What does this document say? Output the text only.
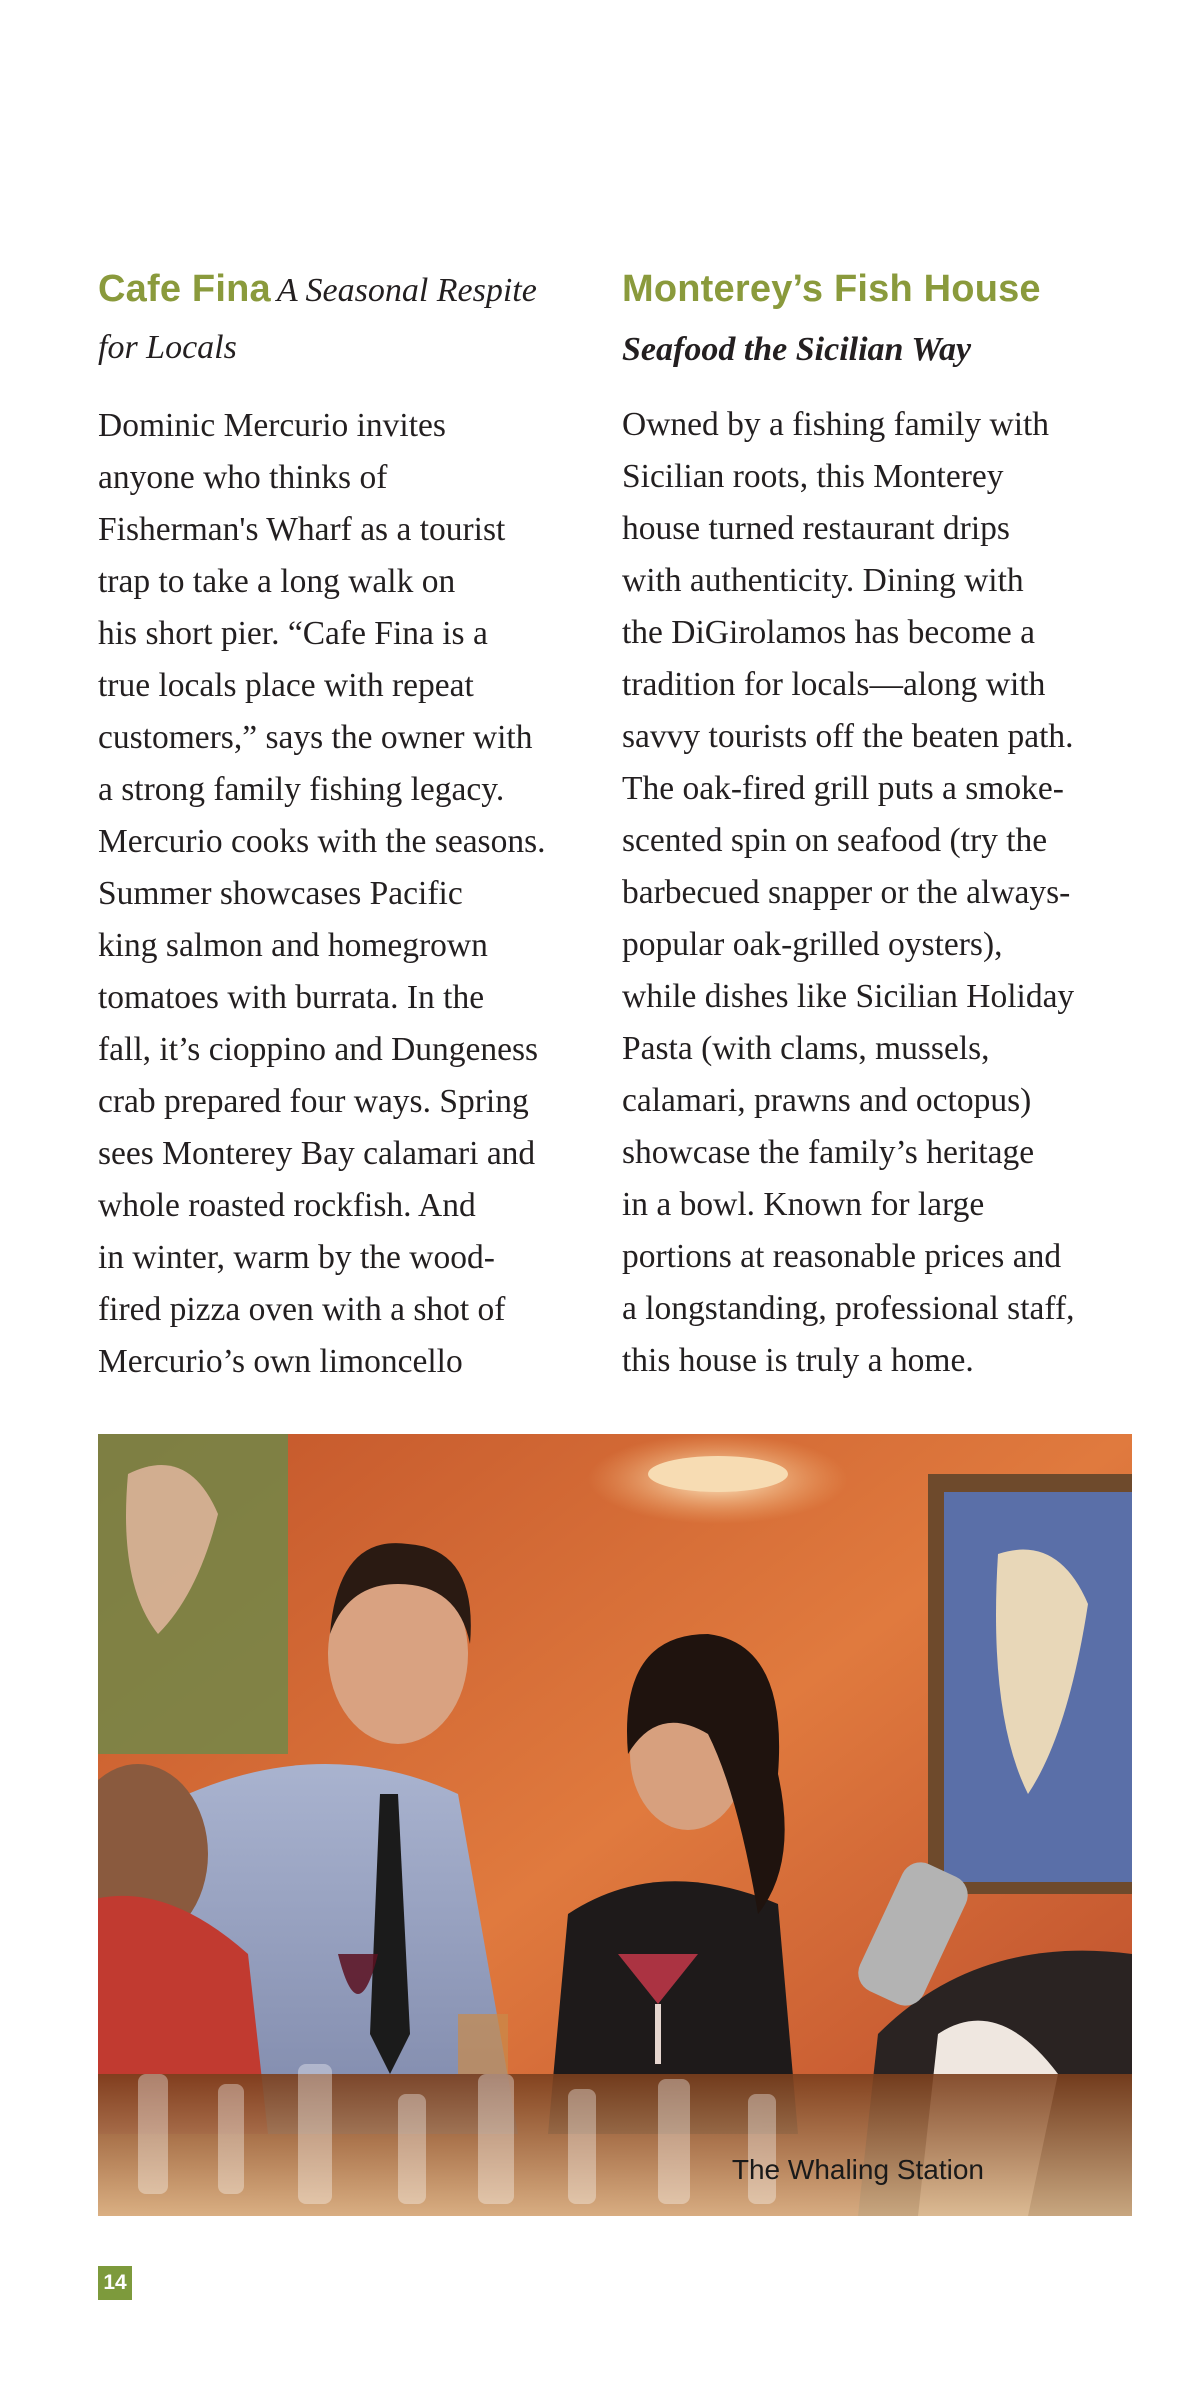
Cafe Fina A Seasonal Respite for Locals

Dominic Mercurio invites
anyone who thinks of
Fisherman's Wharf as a tourist
trap to take a long walk on
his short pier. “Cafe Fina is a
true locals place with repeat
customers,” says the owner with
a strong family fishing legacy.
Mercurio cooks with the seasons.
Summer showcases Pacific
king salmon and homegrown
tomatoes with burrata. In the
fall, it’s cioppino and Dungeness
crab prepared four ways. Spring
sees Monterey Bay calamari and
whole roasted rockfish. And
in winter, warm by the wood-
fired pizza oven with a shot of
Mercurio’s own limoncello

Monterey’s Fish House
Seafood the Sicilian Way

Owned by a fishing family with
Sicilian roots, this Monterey
house turned restaurant drips
with authenticity. Dining with
the DiGirolamos has become a
tradition for locals—along with
savvy tourists off the beaten path.
The oak-fired grill puts a smoke-
scented spin on seafood (try the
barbecued snapper or the always-
popular oak-grilled oysters),
while dishes like Sicilian Holiday
Pasta (with clams, mussels,
calamari, prawns and octopus)
showcase the family’s heritage
in a bowl. Known for large
portions at reasonable prices and
a longstanding, professional staff,
this house is truly a home.

The Whaling Station
14
